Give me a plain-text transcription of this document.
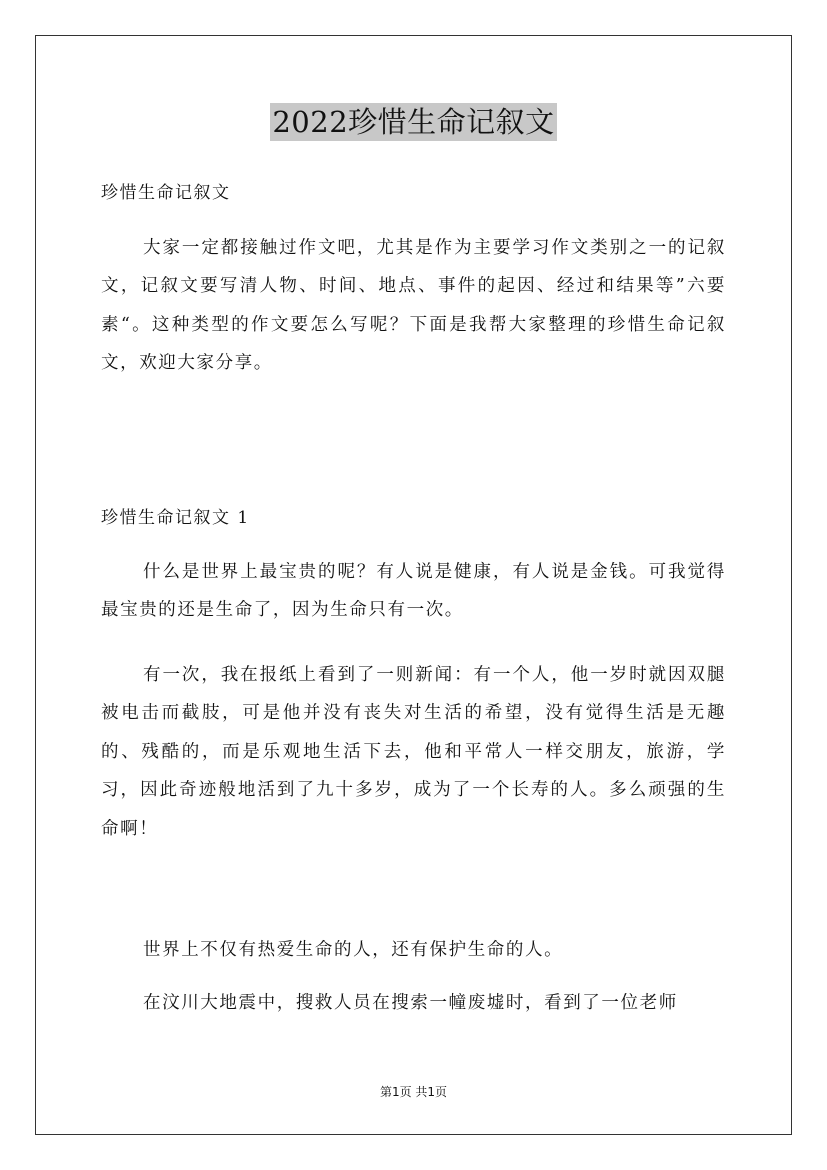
2022珍惜生命记叙文
珍惜生命记叙文

大家一定都接触过作文吧，尤其是作为主要学习作文类别之一的记叙文，记叙文要写清人物、时间、地点、事件的起因、经过和结果等”六要素“。这种类型的作文要怎么写呢？下面是我帮大家整理的珍惜生命记叙文，欢迎大家分享。

珍惜生命记叙文 1

什么是世界上最宝贵的呢？有人说是健康，有人说是金钱。可我觉得最宝贵的还是生命了，因为生命只有一次。

有一次，我在报纸上看到了一则新闻：有一个人，他一岁时就因双腿被电击而截肢，可是他并没有丧失对生活的希望，没有觉得生活是无趣的、残酷的，而是乐观地生活下去，他和平常人一样交朋友，旅游，学习，因此奇迹般地活到了九十多岁，成为了一个长寿的人。多么顽强的生命啊！

世界上不仅有热爱生命的人，还有保护生命的人。

在汶川大地震中，搜救人员在搜索一幢废墟时，看到了一位老师

第1页 共1页
